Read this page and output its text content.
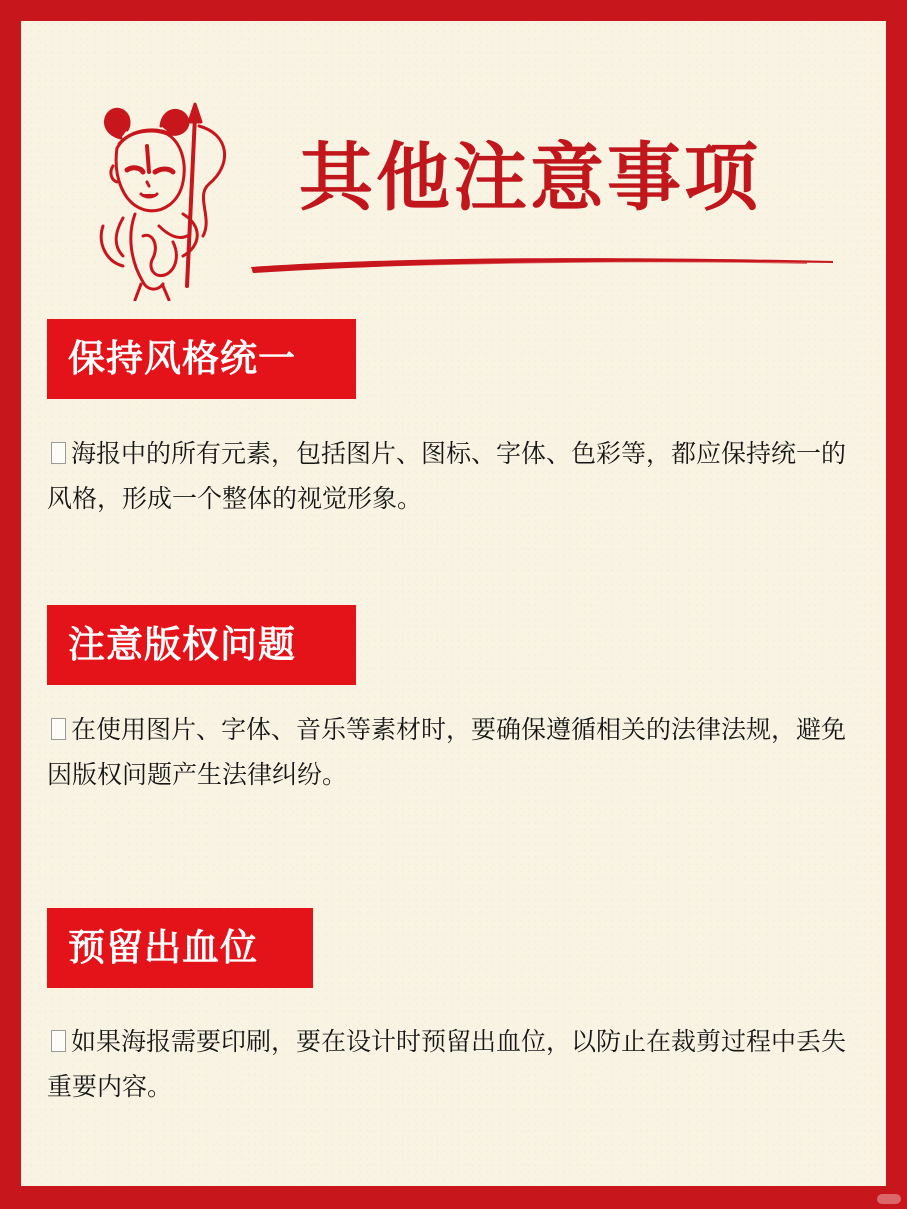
其他注意事项
保持风格统一

海报中的所有元素，包括图片、图标、字体、色彩等，都应保持统一的风格，形成一个整体的视觉形象。

注意版权问题

在使用图片、字体、音乐等素材时，要确保遵循相关的法律法规，避免因版权问题产生法律纠纷。

预留出血位

如果海报需要印刷，要在设计时预留出血位，以防止在裁剪过程中丢失重要内容。
